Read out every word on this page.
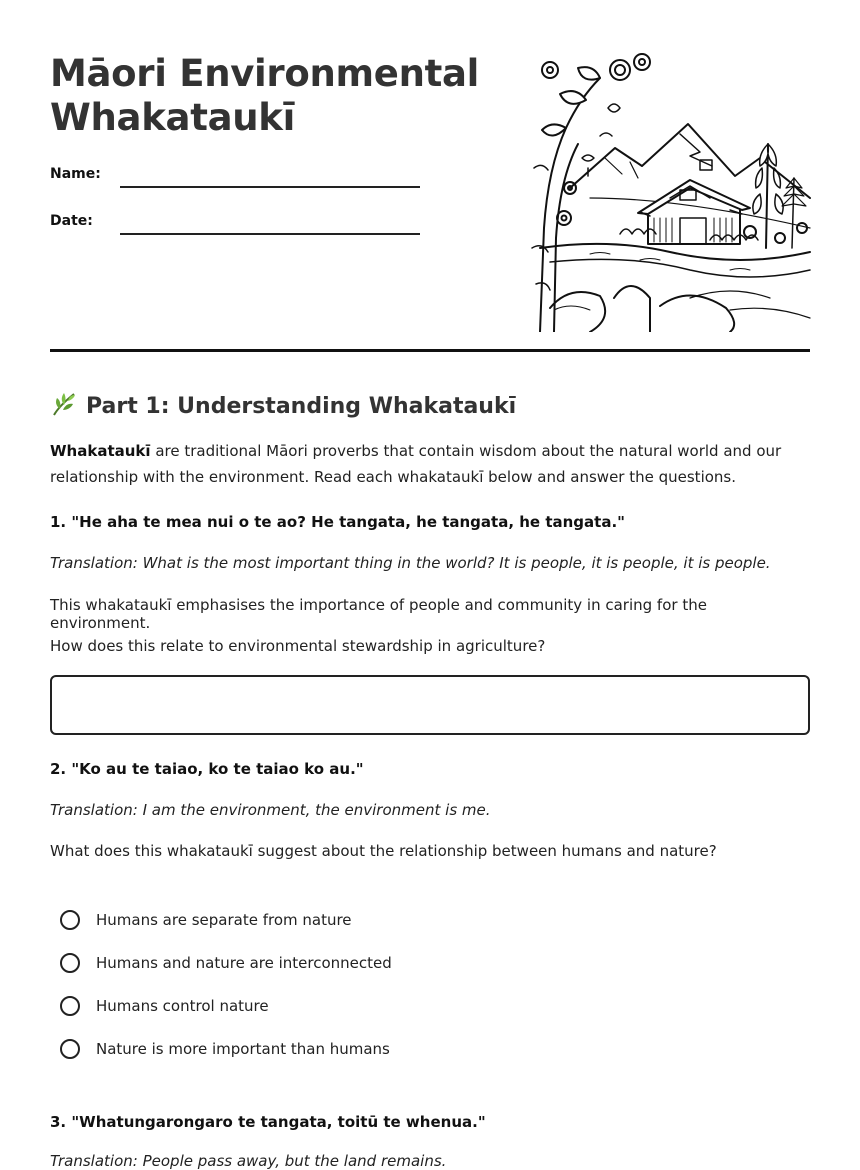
Māori Environmental
Whakataukī
Name:
Date:
Part 1: Understanding Whakataukī

Whakataukī are traditional Māori proverbs that contain wisdom about the natural world and our relationship with the environment. Read each whakataukī below and answer the questions.

1. "He aha te mea nui o te ao? He tangata, he tangata, he tangata."

Translation: What is the most important thing in the world? It is people, it is people, it is people.

This whakataukī emphasises the importance of people and community in caring for the environment.

How does this relate to environmental stewardship in agriculture?

2. "Ko au te taiao, ko te taiao ko au."

Translation: I am the environment, the environment is me.

What does this whakataukī suggest about the relationship between humans and nature?

Humans are separate from nature
Humans and nature are interconnected
Humans control nature
Nature is more important than humans

3. "Whatungarongaro te tangata, toitū te whenua."

Translation: People pass away, but the land remains.
